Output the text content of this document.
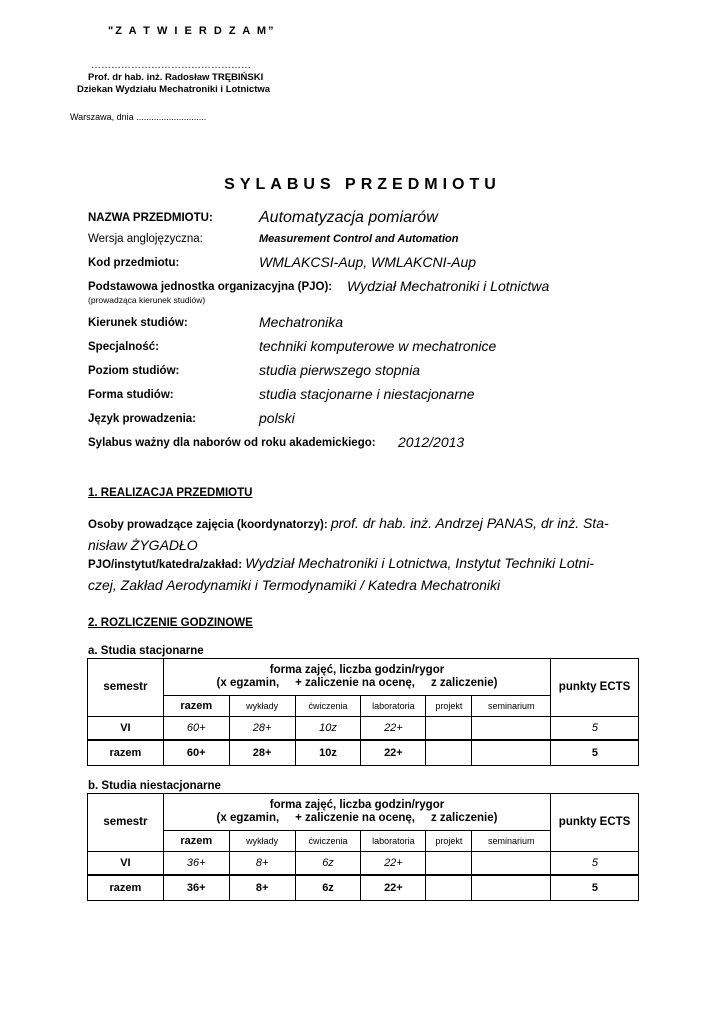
"Z A T W I E R D Z A M”
…………………………………………
Prof. dr hab. inż. Radosław TRĘBIŃSKI
Dziekan Wydziału Mechatroniki i Lotnictwa
Warszawa, dnia ............................
SYLABUS PRZEDMIOTU
NAZWA PRZEDMIOTU:	Automatyzacja pomiarów
Wersja anglojęzyczna:	Measurement Control and Automation
Kod przedmiotu:	WMLAKCSI-Aup, WMLAKCNI-Aup
Podstawowa jednostka organizacyjna (PJO): Wydział Mechatroniki i Lotnictwa
(prowadząca kierunek studiów)
Kierunek studiów:	Mechatronika
Specjalność:	techniki komputerowe w mechatronice
Poziom studiów:	studia pierwszego stopnia
Forma studiów:	studia stacjonarne i niestacjonarne
Język prowadzenia:	polski
Sylabus ważny dla naborów od roku akademickiego: 2012/2013
1. REALIZACJA PRZEDMIOTU
Osoby prowadzące zajęcia (koordynatorzy): prof. dr hab. inż. Andrzej PANAS, dr inż. Sta-
nisław ŻYGADŁO
PJO/instytut/katedra/zakład: Wydział Mechatroniki i Lotnictwa, Instytut Techniki Lotni-
czej, Zakład Aerodynamiki i Termodynamiki / Katedra Mechatroniki
2. ROZLICZENIE GODZINOWE
a. Studia stacjonarne
semestr	forma zajęć, liczba godzin/rygor
(x egzamin,     + zaliczenie na ocenę,     z zaliczenie)						punkty ECTS
	razem	wykłady	ćwiczenia	laboratoria	projekt	seminarium	
VI	60+	28+	10z	22+			5
razem	60+	28+	10z	22+			5
b. Studia niestacjonarne
semestr	forma zajęć, liczba godzin/rygor
(x egzamin,     + zaliczenie na ocenę,     z zaliczenie)						punkty ECTS
	razem	wykłady	ćwiczenia	laboratoria	projekt	seminarium	
VI	36+	8+	6z	22+			5
razem	36+	8+	6z	22+			5
